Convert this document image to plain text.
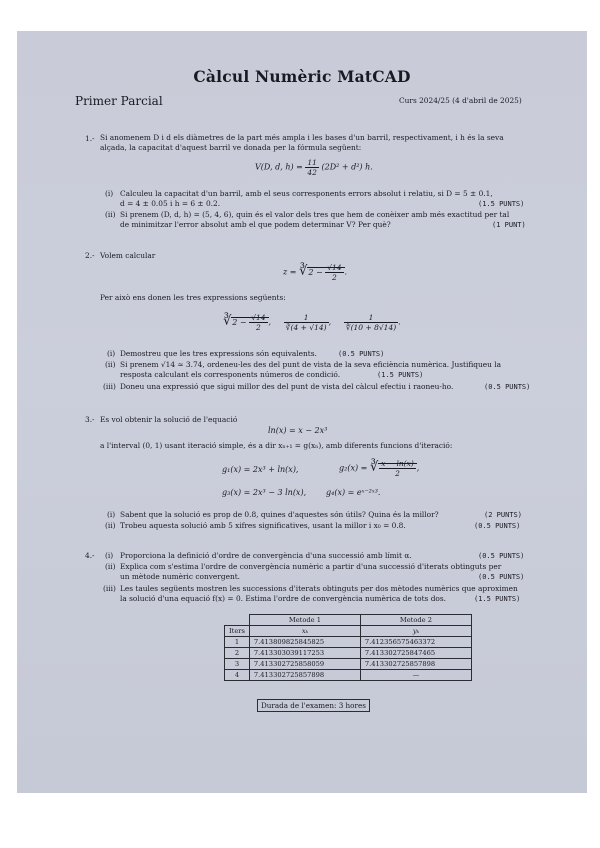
Càlcul Numèric MatCAD
Primer Parcial	Curs 2024/25 (4 d'abril de 2025)
1.- Si anomenem D i d els diàmetres de la part més ampla i les bases d'un barril, respectivament, i h és la seva
alçada, la capacitat d'aquest barril ve donada per la fórmula següent:
V(D, d, $h) = \frac{11}{42} (2D^2 + d^2)$ h.
(i) Calculeu la capacitat d'un barril, amb el seus corresponents errors absolut i relatiu, si D = 5 ± 0.1,
d = 4 ± 0.05 i h = 6 ± 0.2.	(1.5 PUNTS)
(ii) Si prenem (D, d, h) = (5, 4, 6), quin és el valor dels tres que hem de conèixer amb més exactitud per tal
de minimitzar l'error absolut amb el que podem determinar V? Per què?	(1 PUNT)
2.- Volem calcular
z = ∛2 − $\frac{√14}{2}$ .
Per això ens donen les tres expressions següents:
∛2 − $\frac{√14}{2}$ , $\frac{1}{∛(4 + √14)}$ , $\frac{1}{∜(10 + 8√14)}$ .
(i) Demostreu que les tres expressions són equivalents.	(0.5 PUNTS)
(ii) Si prenem √14 ≃ 3.74, ordeneu-les des del punt de vista de la seva eficiència numèrica. Justifiqueu la
resposta calculant els corresponents números de condició.	(1.5 PUNTS)
(iii) Doneu una expressió que sigui millor des del punt de vista del càlcul efectiu i raoneu-ho.	(0.5 PUNTS)
3.- Es vol obtenir la solució de l'equació
ln(x) = x − 2x³
a l'interval (0, 1) usant iteració simple, és a dir xₙ₊₁ = g(xₙ), amb diferents funcions d'iteració:
g₁(x) = 2x³ + ln(x),	g₂(x) = ∛ $\frac{x - \ln(x)}{2}$ ,
g₃(x) = 2x³ − 3 ln(x), g₄(x) = eˣ⁻²ˣ³.
(i) Sabent que la solució es prop de 0.8, quines d'aquestes són útils? Quina és la millor?	(2 PUNTS)
(ii) Trobeu aquesta solució amb 5 xifres significatives, usant la millor i x₀ = 0.8.	(0.5 PUNTS)
4.- (i) Proporciona la definició d'ordre de convergència d'una successió amb límit α.	(0.5 PUNTS)
(ii) Explica com s'estima l'ordre de convergència numèric a partir d'una successió d'iterats obtinguts per
un mètode numèric convergent.	(0.5 PUNTS)
(iii) Les taules següents mostren les successions d'iterats obtinguts per dos mètodes numèrics que aproximen
la solució d'una equació f(x) = 0. Estima l'ordre de convergència numèrica de tots dos.	(1.5 PUNTS)
	Metode 1	Metode 2
Iters	xₖ	yₖ
1	7.413809825845825	7.412356575463372
2	7.413303039117253	7.413302725847465
3	7.413302725858059	7.413302725857898
4	7.413302725857898	—
Durada de l'examen: 3 hores
